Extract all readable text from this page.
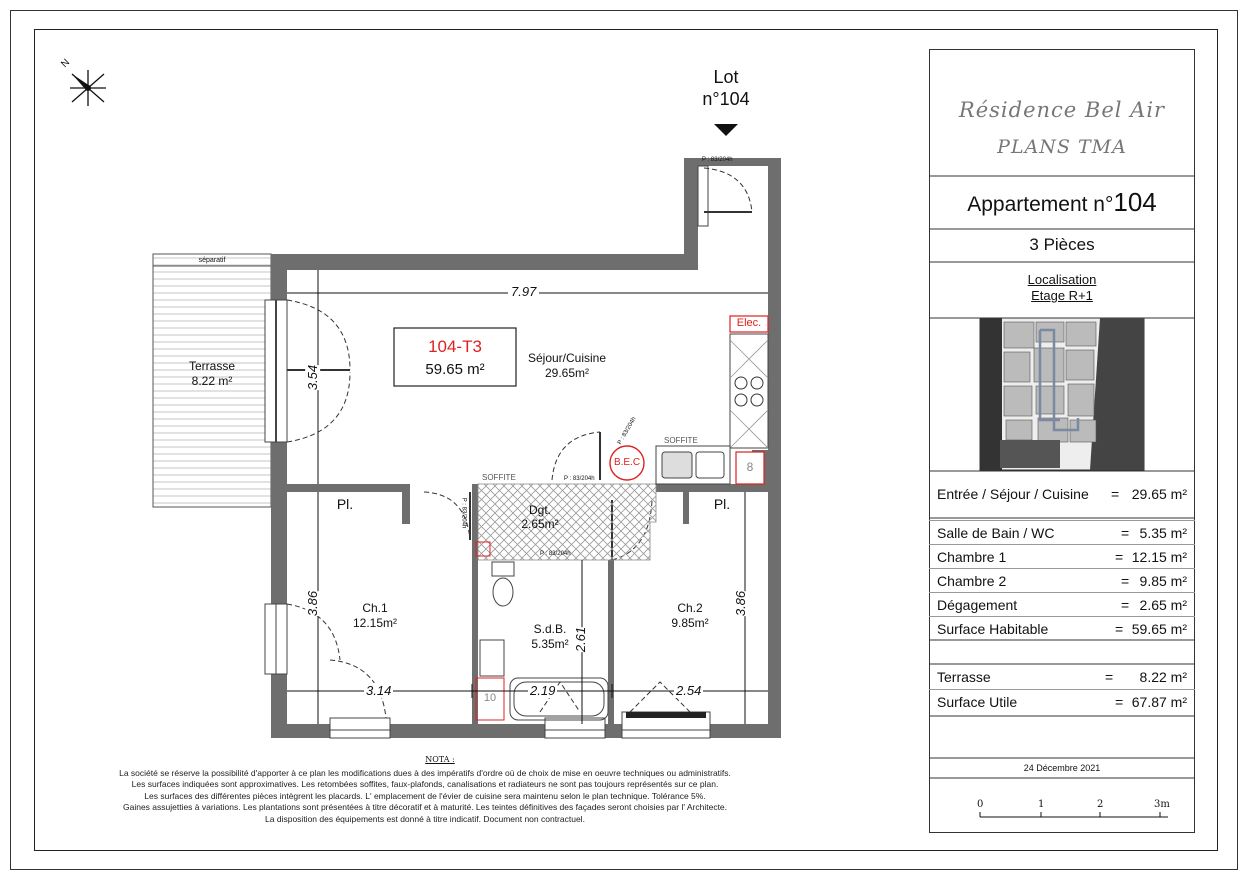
N
Lot
n°104
104-T3
59.65 m²
Séjour/Cuisine
29.65m²
séparatif
Terrasse
8.22 m²
Dgt.
2.65m²
Ch.1
12.15m²	S.d.B.
5.35m²
Ch.2
9.85m²
Pl.	Pl.
SOFFITE
SOFFITE
Elec.
B.E.C	8
10
P : 83/204h
P : 83/204h
P : 83/204h
P : 83/204h
P : 83/204h
7.97
3.54
3.86	3.86
2.61
3.14	2.19	2.54
Résidence Bel Air
PLANS TMA
Appartement n°104
3 Pièces
Localisation
Etage R+1
Entrée / Séjour / Cuisine = 29.65 m²
Salle de Bain / WC	= 5.35 m²
Chambre 1	= 12.15 m²
Chambre 2	= 9.85 m²
Dégagement	= 2.65 m²
Surface Habitable	= 59.65 m²
Terrasse	= 8.22 m²
Surface Utile	= 67.87 m²
24 Décembre 2021
0	1	2	3m
NOTA :
La société se réserve la possibilité d'apporter à ce plan les modifications dues à des impératifs d'ordre où de choix de mise en oeuvre techniques ou administratifs.
Les surfaces indiquées sont approximatives. Les retombées soffites, faux-plafonds, canalisations et radiateurs ne sont pas toujours représentés sur ce plan.
Les surfaces des différentes pièces intègrent les placards. L' emplacement de l'évier de cuisine sera maintenu selon le plan technique. Tolérance 5%.
Gaines assujetties à variations. Les plantations sont présentées à titre décoratif et à maturité. Les teintes définitives des façades seront choisies par l' Architecte.
La disposition des équipements est donné à titre indicatif. Document non contractuel.
